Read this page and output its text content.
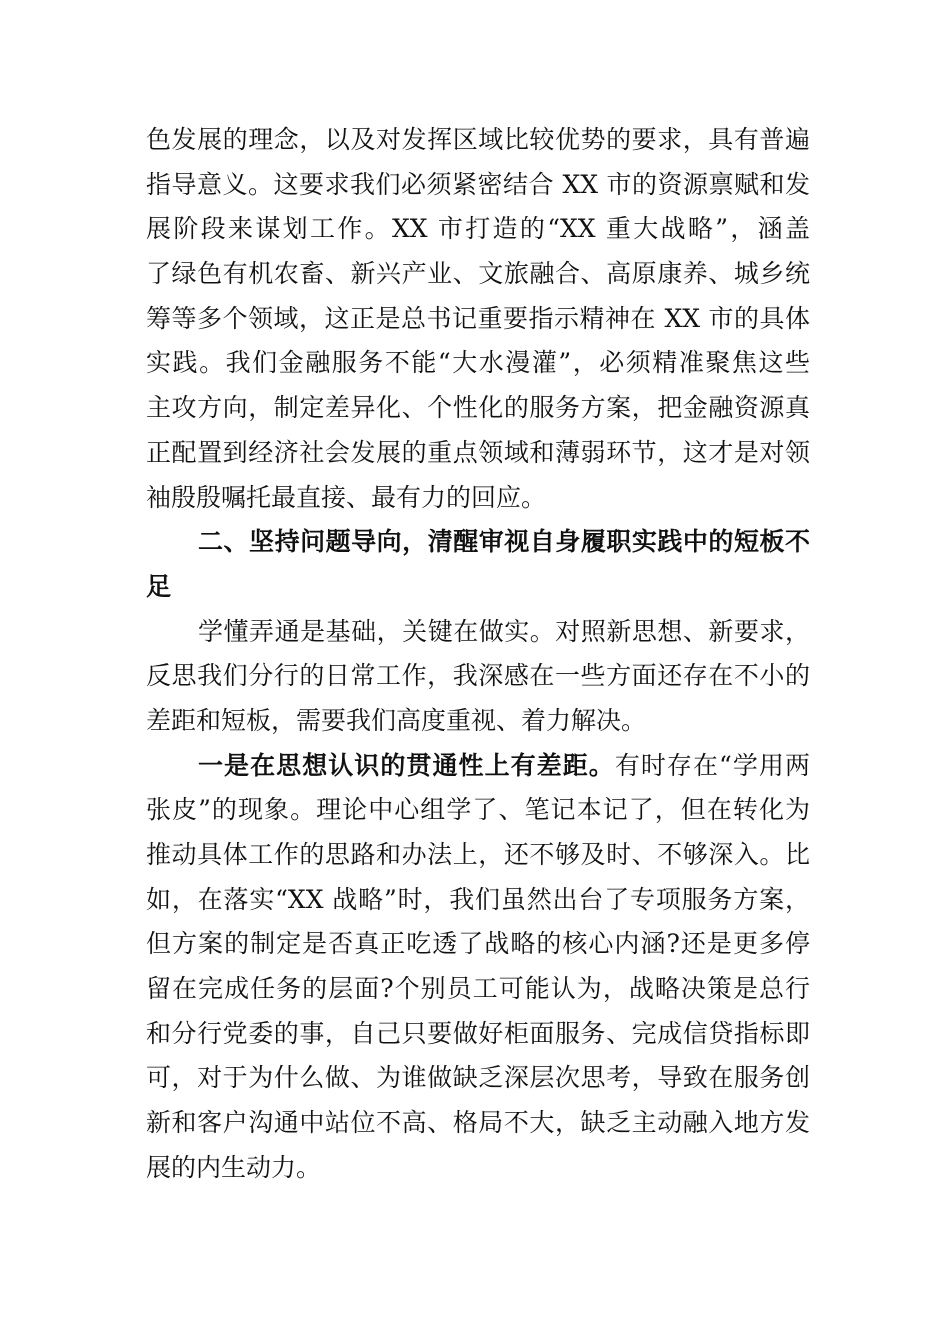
色发展的理念，以及对发挥区域比较优势的要求，具有普遍
指导意义。这要求我们必须紧密结合 XX 市的资源禀赋和发
展阶段来谋划工作。XX 市打造的“XX 重大战略”，涵盖
了绿色有机农畜、新兴产业、文旅融合、高原康养、城乡统
筹等多个领域，这正是总书记重要指示精神在 XX 市的具体
实践。我们金融服务不能“大水漫灌”，必须精准聚焦这些
主攻方向，制定差异化、个性化的服务方案，把金融资源真
正配置到经济社会发展的重点领域和薄弱环节，这才是对领
袖殷殷嘱托最直接、最有力的回应。
二、坚持问题导向，清醒审视自身履职实践中的短板不
足
学懂弄通是基础，关键在做实。对照新思想、新要求，
反思我们分行的日常工作，我深感在一些方面还存在不小的
差距和短板，需要我们高度重视、着力解决。
一是在思想认识的贯通性上有差距。有时存在“学用两
张皮”的现象。理论中心组学了、笔记本记了，但在转化为
推动具体工作的思路和办法上，还不够及时、不够深入。比
如，在落实“XX 战略”时，我们虽然出台了专项服务方案，
但方案的制定是否真正吃透了战略的核心内涵?还是更多停
留在完成任务的层面?个别员工可能认为，战略决策是总行
和分行党委的事，自己只要做好柜面服务、完成信贷指标即
可，对于为什么做、为谁做缺乏深层次思考，导致在服务创
新和客户沟通中站位不高、格局不大，缺乏主动融入地方发
展的内生动力。
